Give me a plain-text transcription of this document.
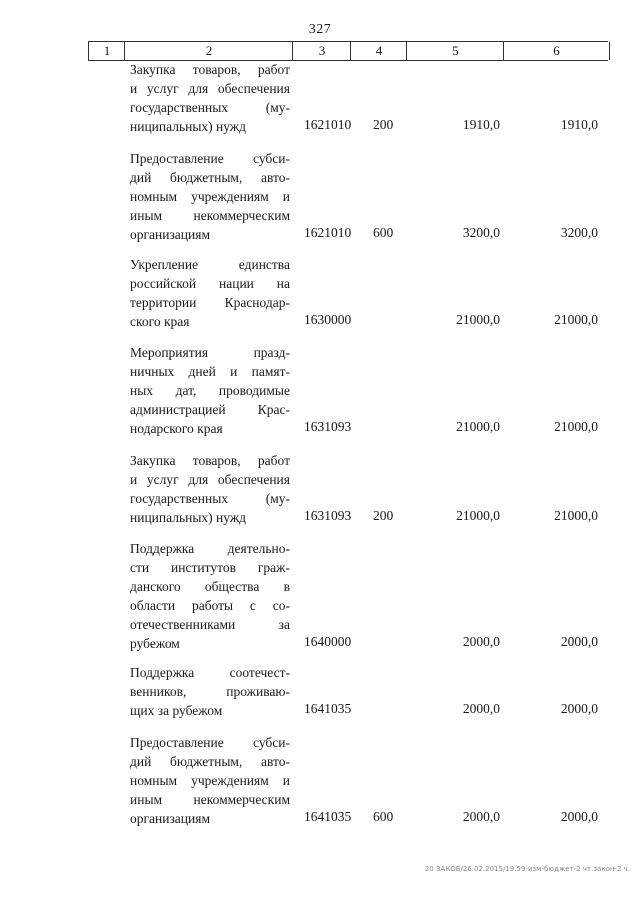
327
1	2	3	4	5	6
Закупка товаров, работ
и услуг для обеспечения
государственных (му-
ниципальных) нужд	1621010 200	1910,0	1910,0
Предоставление субси-
дий бюджетным, авто-
номным учреждениям и
иным некоммерческим
организациям	1621010 600	3200,0	3200,0
Укрепление единства
российской нации на
территории Краснодар-
ского края	1630000	21000,0	21000,0
Мероприятия празд-
ничных дней и памят-
ных дат, проводимые
администрацией Крас-
нодарского края	1631093	21000,0	21000,0
Закупка товаров, работ
и услуг для обеспечения
государственных (му-
ниципальных) нужд	1631093 200	21000,0	21000,0
Поддержка деятельно-
сти институтов граж-
данского общества в
области работы с со-
отечественниками за
рубежом	1640000	2000,0	2000,0
Поддержка соотечест-
венников, проживаю-
щих за рубежом	1641035	2000,0	2000,0
Предоставление субси-
дий бюджетным, авто-
номным учреждениям и
иным некоммерческим
организациям	1641035 600	2000,0	2000,0
20 ЗАКОБ/26.02.2015/19.59-изм-бюджет-2 чт.закон-2 ч.
